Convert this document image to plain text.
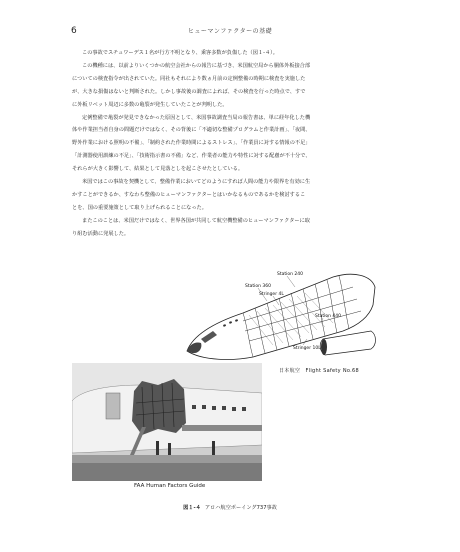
6	ヒューマンファクターの基礎

この事故でスチュワーデス１名が行方不明となり、乗客多数が負傷した（図１‐４）。

この機種には、以前よりいくつかの航空会社からの報告に基づき、米国航空局から胴体外板接合部

についての検査指令が出されていた。同社もそれにより数ヵ月前の定例整備の時期に検査を実施した

が、大きな損傷はないと判断された。しかし事故後の調査によれば、その検査を行った時点で、すで

に外板リベット周辺に多数の亀裂が発生していたことが判明した。

定例整備で亀裂が発見できなかった原因として、米国事故調査当局の報告書は、単に経年化した機

体や作業担当者自身の問題だけではなく、その背後に「不適切な整備プログラムと作業計画」、「夜間、

野外作業における照明の不備」、「制約された作業時間によるストレス」、「作業員に対する情報の不足」

「計測器使用訓練の不足」、「技術指示書の不備」など、作業者の能力や特性に対する配慮が不十分で、

それらが大きく影響して、結果として見落としを起こさせたとしている。

米国ではこの事故を契機として、整備作業においてどのようにすれば人間の能力や限界を有効に生

かすことができるか、すなわち整備のヒューマンファクターとはいかなるものであるかを検討するこ

とを、国の重要施策として取り上げられることになった。

またこのことは、米国だけではなく、世界各国が共同して航空機整備のヒューマンファクターに取

り組む活動に発展した。

Station 240
Station 360
Stringer 4L
Station 440
Stringer 10L
日本航空　Flight Safety No.68
FAA Human Factors Guide
図１‐４ アロハ航空ボーイング737事故
